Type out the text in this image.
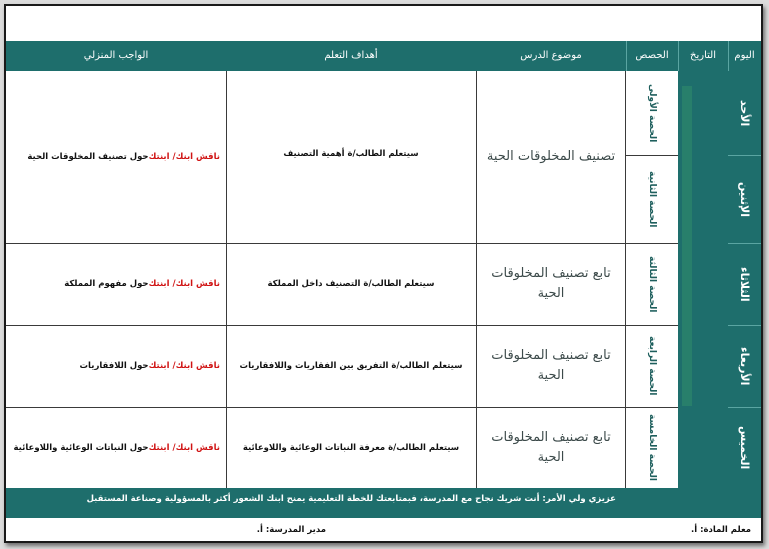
اليوم
التاريخ
الحصص
موضوع الدرس
أهداف التعلم
الواجب المنزلي
الأحد
الإثنين
الثلاثاء
الأربعاء
الخميس
الحصة الأولى
الحصة الثانية
الحصة الثالثة
الحصة الرابعة
الحصة الخامسة
تصنيف المخلوقات الحية
سيتعلم الطالب/ة أهمية التصنيف
ناقش ابنك/ ابنتك
حول تصنيف المخلوقات الحية
تابع تصنيف المخلوقات الحية
سيتعلم الطالب/ة التصنيف داخل المملكة
ناقش ابنك/ ابنتك
حول مفهوم المملكة
تابع تصنيف المخلوقات الحية
سيتعلم الطالب/ة التفريق بين الفقاريات واللافقاريات
ناقش ابنك/ ابنتك
حول اللافقاريات
تابع تصنيف المخلوقات الحية
سيتعلم الطالب/ة معرفة النباتات الوعائية واللاوعائية
ناقش ابنك/ ابنتك
حول النباتات الوعائية واللاوعائية
عزيزي ولي الأمر: أنت شريك نجاح مع المدرسة، فبمتابعتك للخطة التعليمية يمنح ابنك الشعور أكثر بالمسؤولية وصناعة المستقبل
معلم المادة: أ.
مدير المدرسة: أ.
